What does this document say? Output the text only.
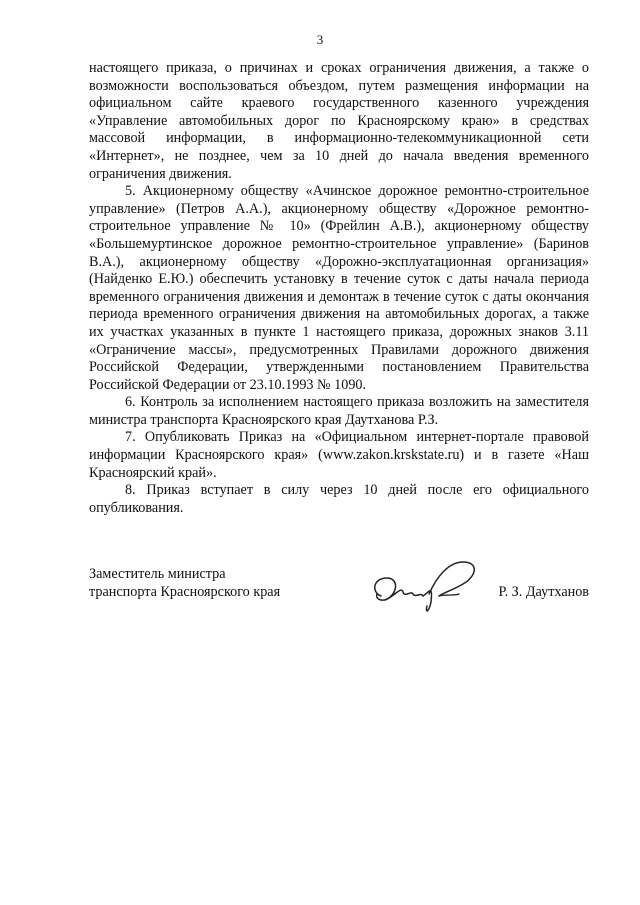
3

настоящего приказа, о причинах и сроках ограничения движения, а также о возможности воспользоваться объездом, путем размещения информации на официальном сайте краевого государственного казенного учреждения «Управление автомобильных дорог по Красноярскому краю» в средствах массовой информации, в информационно-телекоммуникационной сети «Интернет», не позднее, чем за 10 дней до начала введения временного ограничения движения.

5. Акционерному обществу «Ачинское дорожное ремонтно-строительное управление» (Петров А.А.), акционерному обществу «Дорожное ремонтно-строительное управление № 10» (Фрейлин А.В.), акционерному обществу «Большемуртинское дорожное ремонтно-строительное управление» (Баринов В.А.), акционерному обществу «Дорожно-эксплуатационная организация» (Найденко Е.Ю.) обеспечить установку в течение суток с даты начала периода временного ограничения движения и демонтаж в течение суток с даты окончания периода временного ограничения движения на автомобильных дорогах, а также их участках указанных в пункте 1 настоящего приказа, дорожных знаков 3.11 «Ограничение массы», предусмотренных Правилами дорожного движения Российской Федерации, утвержденными постановлением Правительства Российской Федерации от 23.10.1993 № 1090.

6. Контроль за исполнением настоящего приказа возложить на заместителя министра транспорта Красноярского края Даутханова Р.З.

7. Опубликовать Приказ на «Официальном интернет-портале правовой информации Красноярского края» (www.zakon.krskstate.ru) и в газете «Наш Красноярский край».

8. Приказ вступает в силу через 10 дней после его официального опубликования.

Заместитель министра
транспорта Красноярского края	Р. З. Даутханов
